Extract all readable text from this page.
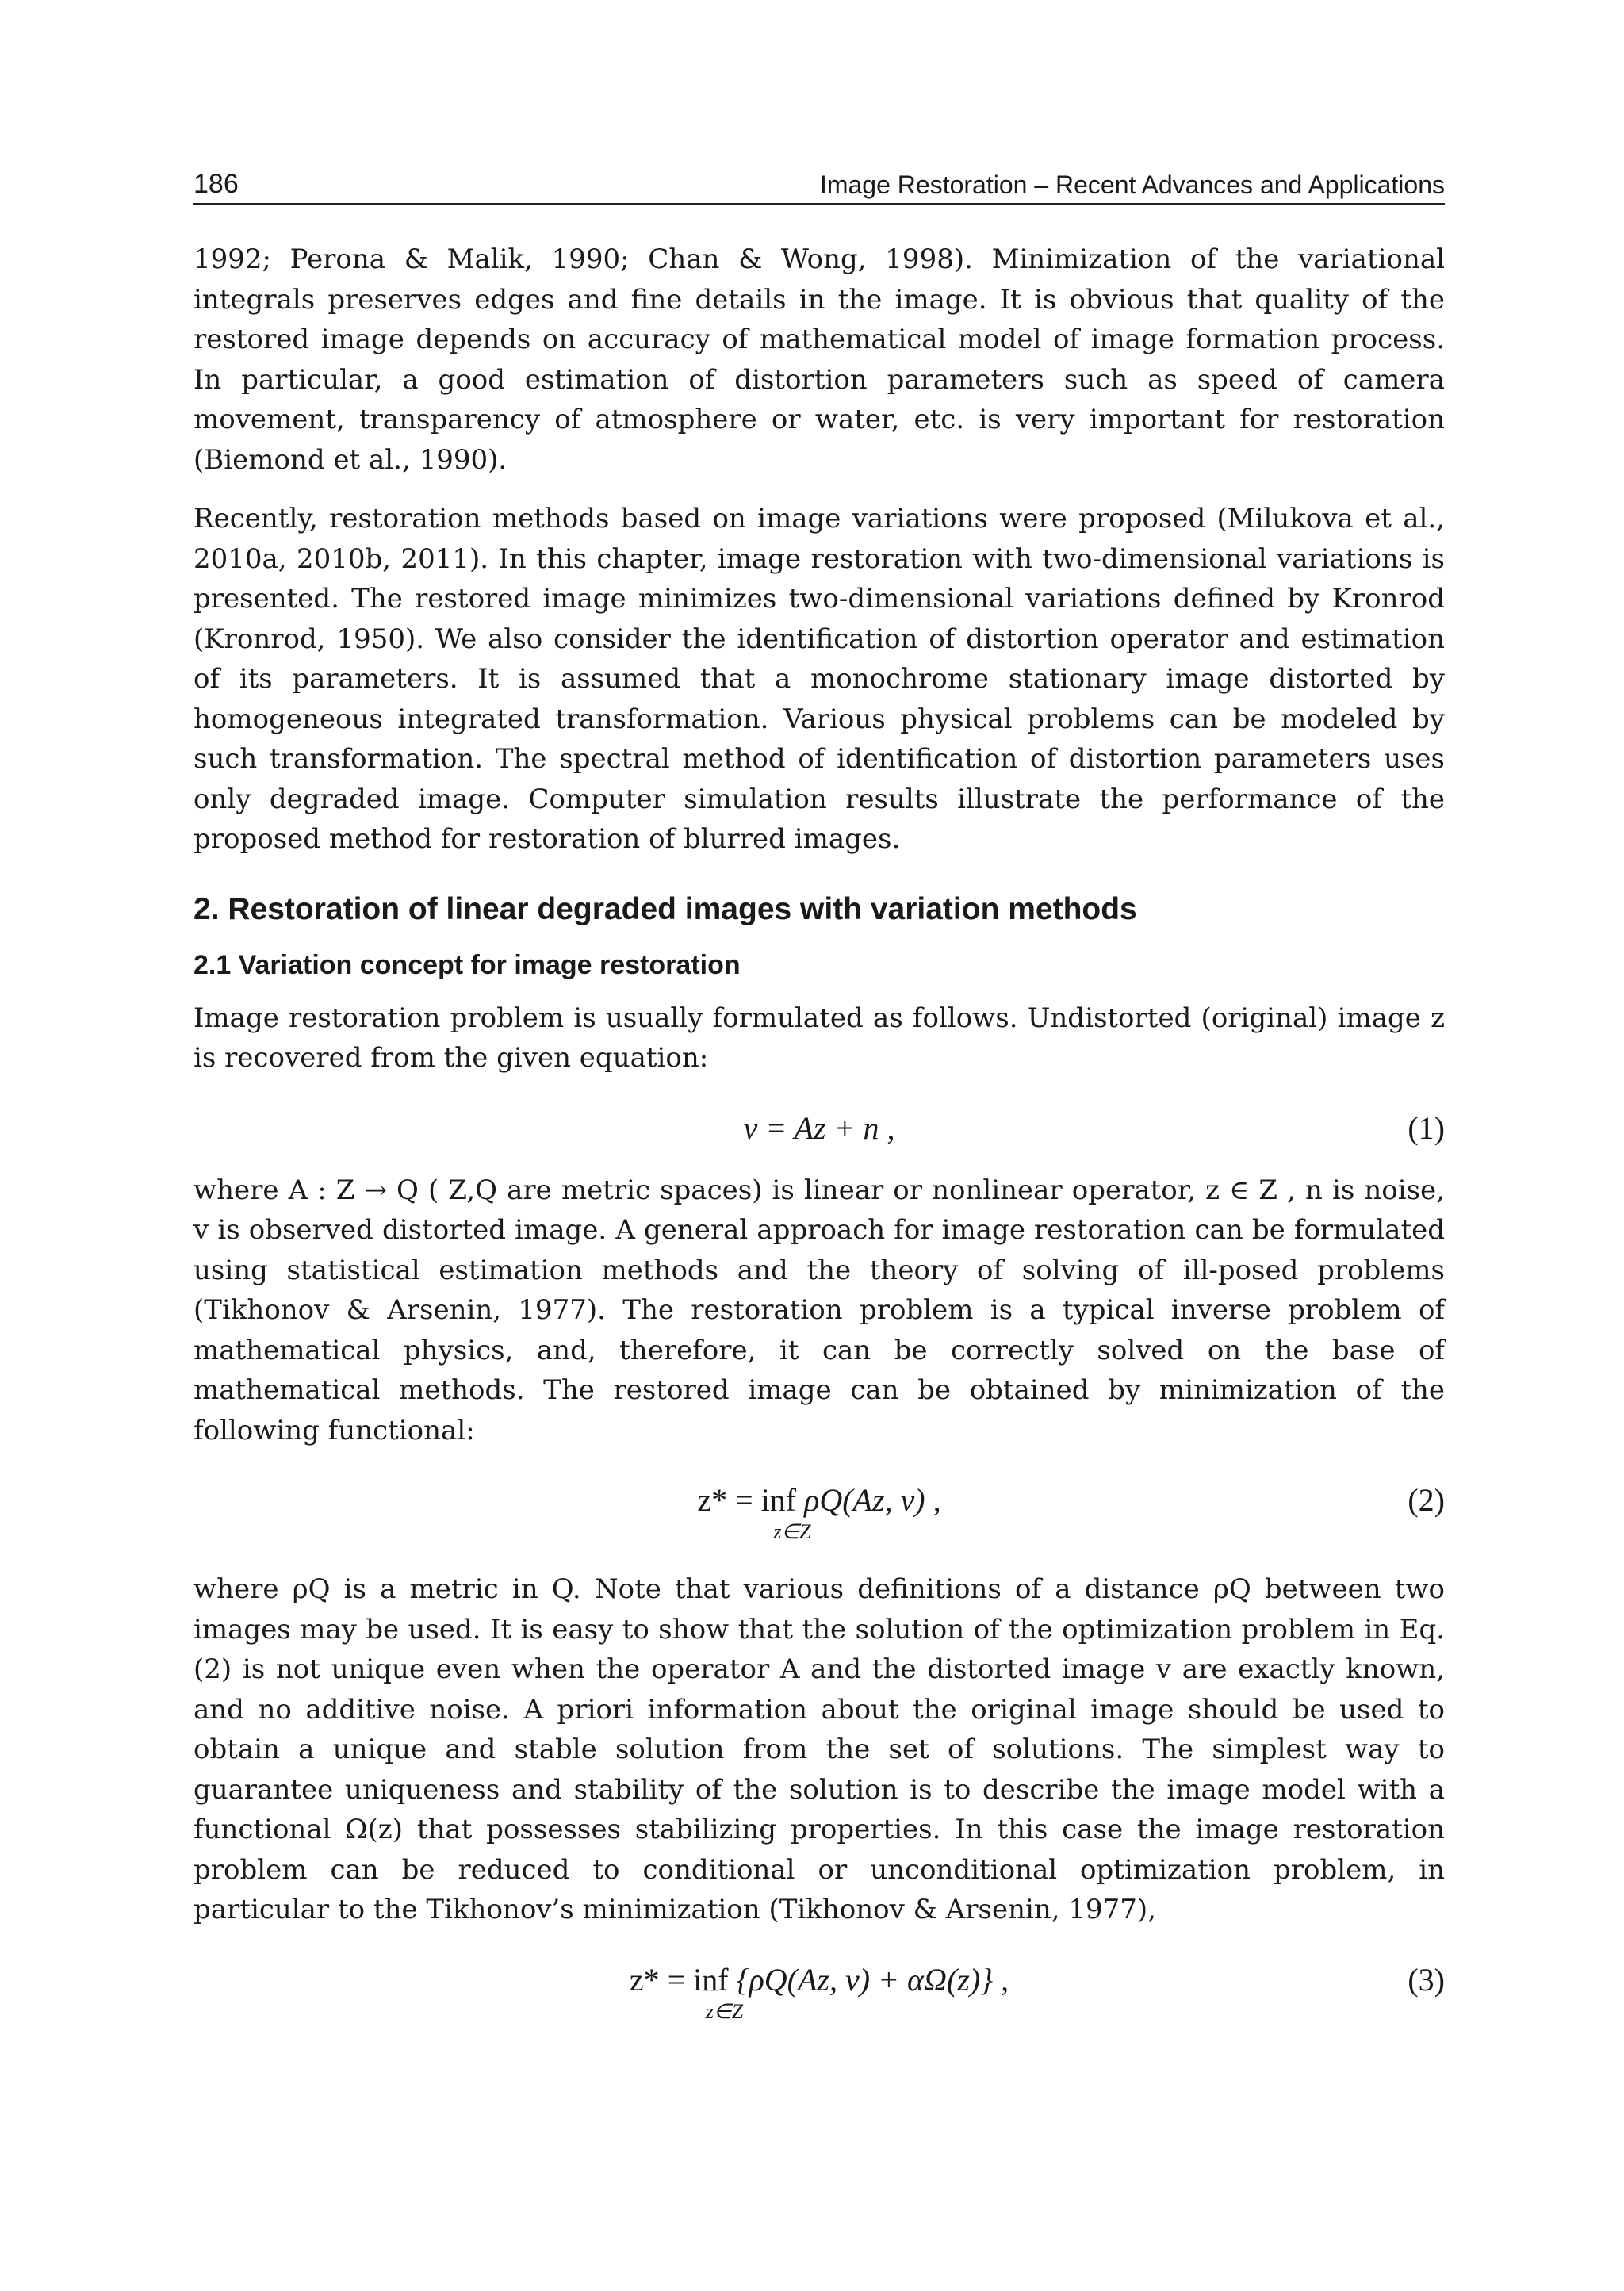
186	Image Restoration – Recent Advances and Applications

1992; Perona & Malik, 1990; Chan & Wong, 1998). Minimization of the variational integrals preserves edges and fine details in the image. It is obvious that quality of the restored image depends on accuracy of mathematical model of image formation process. In particular, a good estimation of distortion parameters such as speed of camera movement, transparency of atmosphere or water, etc. is very important for restoration (Biemond et al., 1990).

Recently, restoration methods based on image variations were proposed (Milukova et al., 2010a, 2010b, 2011). In this chapter, image restoration with two-dimensional variations is presented. The restored image minimizes two-dimensional variations defined by Kronrod (Kronrod, 1950). We also consider the identification of distortion operator and estimation of its parameters. It is assumed that a monochrome stationary image distorted by homogeneous integrated transformation. Various physical problems can be modeled by such transformation. The spectral method of identification of distortion parameters uses only degraded image. Computer simulation results illustrate the performance of the proposed method for restoration of blurred images.

2. Restoration of linear degraded images with variation methods
2.1 Variation concept for image restoration

Image restoration problem is usually formulated as follows. Undistorted (original) image z is recovered from the given equation:

v = Az + n ,	(1)

where A : Z → Q ( Z,Q are metric spaces) is linear or nonlinear operator, z ∈ Z , n is noise, v is observed distorted image. A general approach for image restoration can be formulated using statistical estimation methods and the theory of solving of ill-posed problems (Tikhonov & Arsenin, 1977). The restoration problem is a typical inverse problem of mathematical physics, and, therefore, it can be correctly solved on the base of mathematical methods. The restored image can be obtained by minimization of the following functional:

z* = inf
z∈Z
ρQ(Az, v) ,	(2)

where ρQ is a metric in Q. Note that various definitions of a distance ρQ between two images may be used. It is easy to show that the solution of the optimization problem in Eq. (2) is not unique even when the operator A and the distorted image v are exactly known, and no additive noise. A priori information about the original image should be used to obtain a unique and stable solution from the set of solutions. The simplest way to guarantee uniqueness and stability of the solution is to describe the image model with a functional Ω(z) that possesses stabilizing properties. In this case the image restoration problem can be reduced to conditional or unconditional optimization problem, in particular to the Tikhonov’s minimization (Tikhonov & Arsenin, 1977),

z* = inf
z∈Z
{ρQ(Az, v) + αΩ(z)} ,	(3)
